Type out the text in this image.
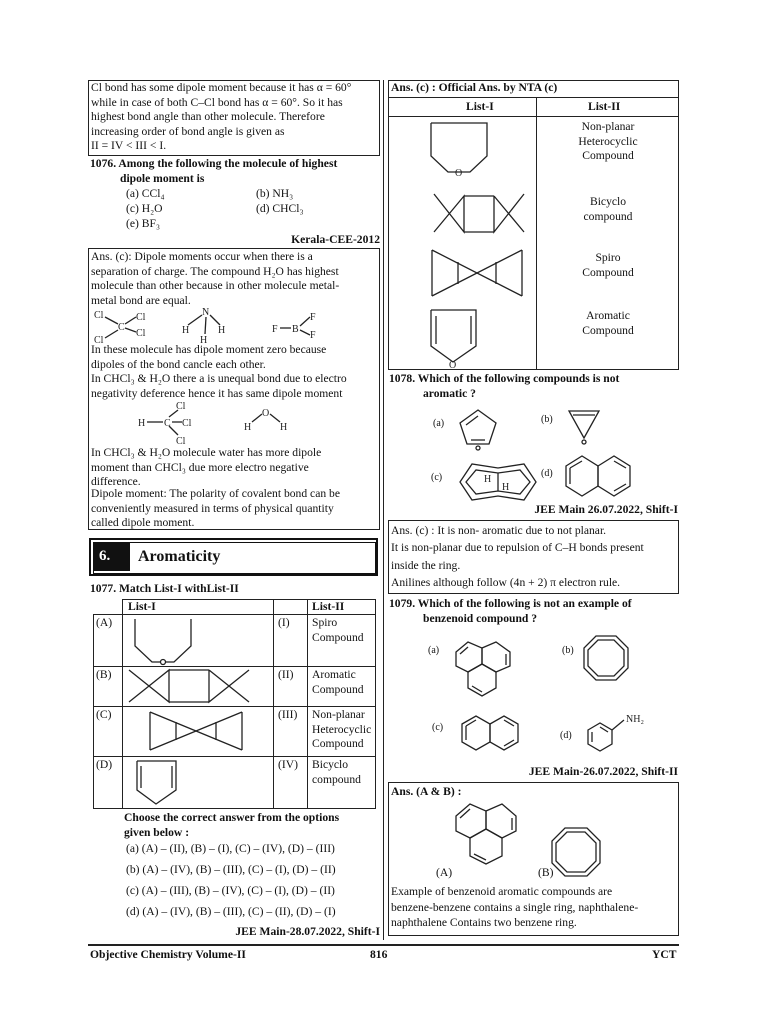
Cl bond has some dipole moment because it has α = 60°
while in case of both C–Cl bond has α = 60°. So it has
highest bond angle than other molecule. Therefore
increasing order of bond angle is given as
II = IV < III < I.
1076. Among the following the molecule of highest
dipole moment is
(a) CCl₄	(b) NH₃
(c) H₂O	(d) CHCl₃
(e) BF₃
Kerala-CEE-2012
Ans. (c): Dipole moments occur when there is a
separation of charge. The compound H₂O has highest
molecule than other because in other molecule metal-
metal bond are equal.
Cl
Cl
C
Cl
Cl
N
H	H
H
F B
F
F
In these molecule has dipole moment zero because
dipoles of the bond cancle each other.
In CHCl₃ & H₂O there a is unequal bond due to electro
negativity deference hence it has same dipole moment
Cl
H C Cl
Cl
O
H	H
In CHCl₃ & H₂O molecule water has more dipole
moment than CHCl₃ due more electro negative
difference.
Dipole moment: The polarity of covalent bond can be
conveniently measured in terms of physical quantity
called dipole moment.
6. Aromaticity
1077. Match List-I withList-II
List-I	List-II
(A)	(I) Spiro
Compound
(B)	(II) Aromatic
Compound
(C)	(III) Non-planar
Heterocyclic
Compound
(D)	(IV) Bicyclo
compound
Choose the correct answer from the options
given below :
(a) (A) – (II), (B) – (I), (C) – (IV), (D) – (III)
(b) (A) – (IV), (B) – (III), (C) – (I), (D) – (II)
(c) (A) – (III), (B) – (IV), (C) – (I), (D) – (II)
(d) (A) – (IV), (B) – (III), (C) – (II), (D) – (I)
JEE Main-28.07.2022, Shift-I
Ans. (c) : Official Ans. by NTA (c)
List-I	List-II
Non-planar
Heterocyclic
Compound
Bicyclo
compound
Spiro
Compound
Aromatic
Compound
O
O
1078. Which of the following compounds is not
aromatic ?
(a)	(b)
(c)	H
H
(d)
JEE Main 26.07.2022, Shift-I
Ans. (c) : It is non- aromatic due to not planar.
It is non-planar due to repulsion of C–H bonds present
inside the ring.
Anilines although follow (4n + 2) π electron rule.
1079. Which of the following is not an example of
benzenoid compound ?
(a)	(b)
(c)
(d)
NH₂
JEE Main-26.07.2022, Shift-II
Ans. (A & B) :
(A)	(B)
Example of benzenoid aromatic compounds are
benzene-benzene contains a single ring, naphthalene-
naphthalene Contains two benzene ring.
Objective Chemistry Volume-II	816	YCT
